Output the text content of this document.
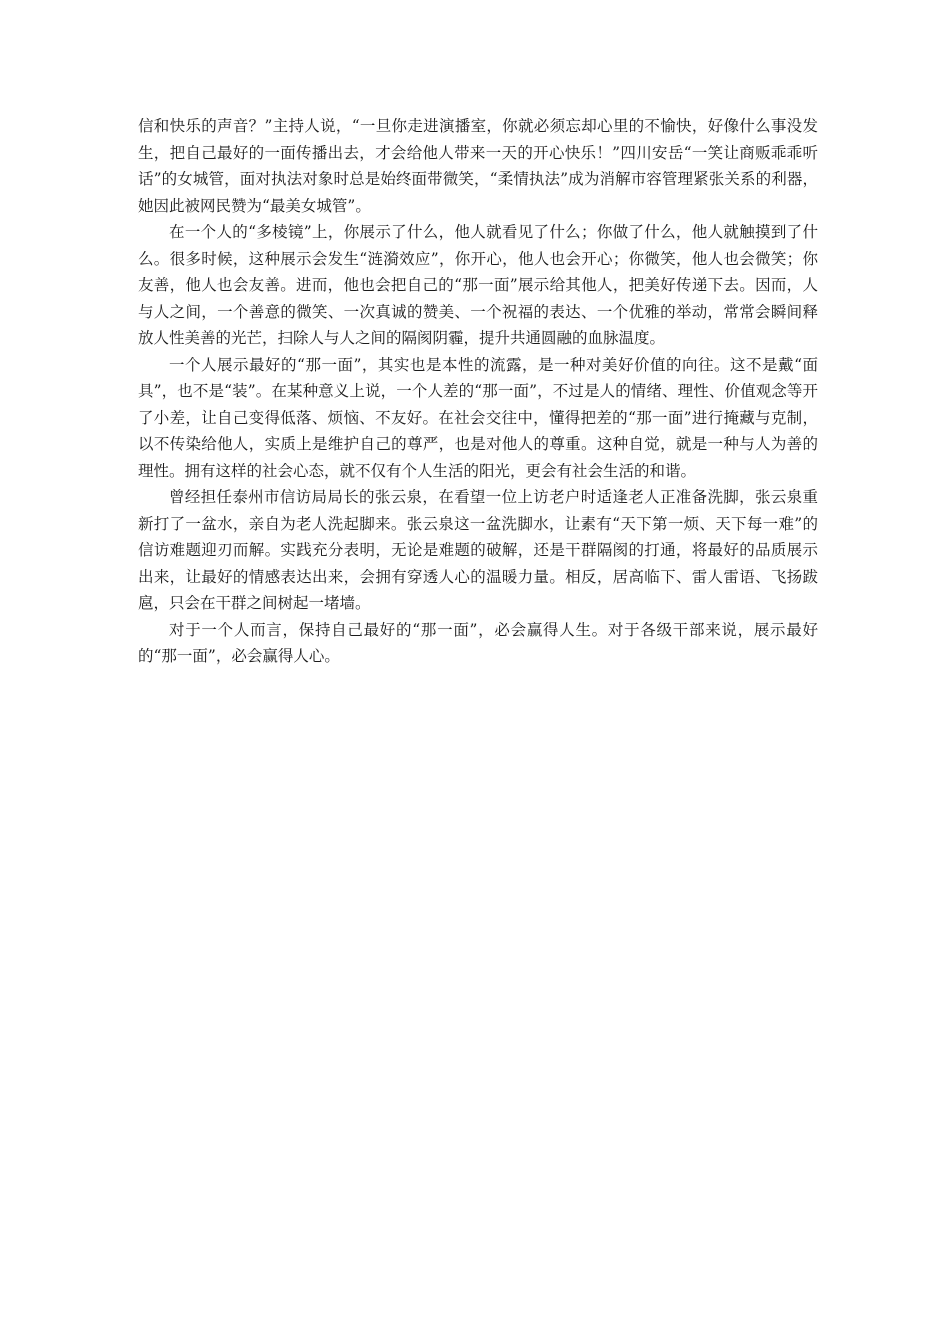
信和快乐的声音？”主持人说，“一旦你走进演播室，你就必须忘却心里的不愉快，好像什么事没发生，把自己最好的一面传播出去，才会给他人带来一天的开心快乐！”四川安岳“一笑让商贩乖乖听话”的女城管，面对执法对象时总是始终面带微笑，“柔情执法”成为消解市容管理紧张关系的利器，她因此被网民赞为“最美女城管”。

在一个人的“多棱镜”上，你展示了什么，他人就看见了什么；你做了什么，他人就触摸到了什么。很多时候，这种展示会发生“涟漪效应”，你开心，他人也会开心；你微笑，他人也会微笑；你友善，他人也会友善。进而，他也会把自己的“那一面”展示给其他人，把美好传递下去。因而，人与人之间，一个善意的微笑、一次真诚的赞美、一个祝福的表达、一个优雅的举动，常常会瞬间释放人性美善的光芒，扫除人与人之间的隔阂阴霾，提升共通圆融的血脉温度。

一个人展示最好的“那一面”，其实也是本性的流露，是一种对美好价值的向往。这不是戴“面具”，也不是“装”。在某种意义上说，一个人差的“那一面”，不过是人的情绪、理性、价值观念等开了小差，让自己变得低落、烦恼、不友好。在社会交往中，懂得把差的“那一面”进行掩藏与克制，以不传染给他人，实质上是维护自己的尊严，也是对他人的尊重。这种自觉，就是一种与人为善的理性。拥有这样的社会心态，就不仅有个人生活的阳光，更会有社会生活的和谐。

曾经担任泰州市信访局局长的张云泉，在看望一位上访老户时适逢老人正准备洗脚，张云泉重新打了一盆水，亲自为老人洗起脚来。张云泉这一盆洗脚水，让素有“天下第一烦、天下每一难”的信访难题迎刃而解。实践充分表明，无论是难题的破解，还是干群隔阂的打通，将最好的品质展示出来，让最好的情感表达出来，会拥有穿透人心的温暖力量。相反，居高临下、雷人雷语、飞扬跋扈，只会在干群之间树起一堵墙。

对于一个人而言，保持自己最好的“那一面”，必会赢得人生。对于各级干部来说，展示最好的“那一面”，必会赢得人心。
